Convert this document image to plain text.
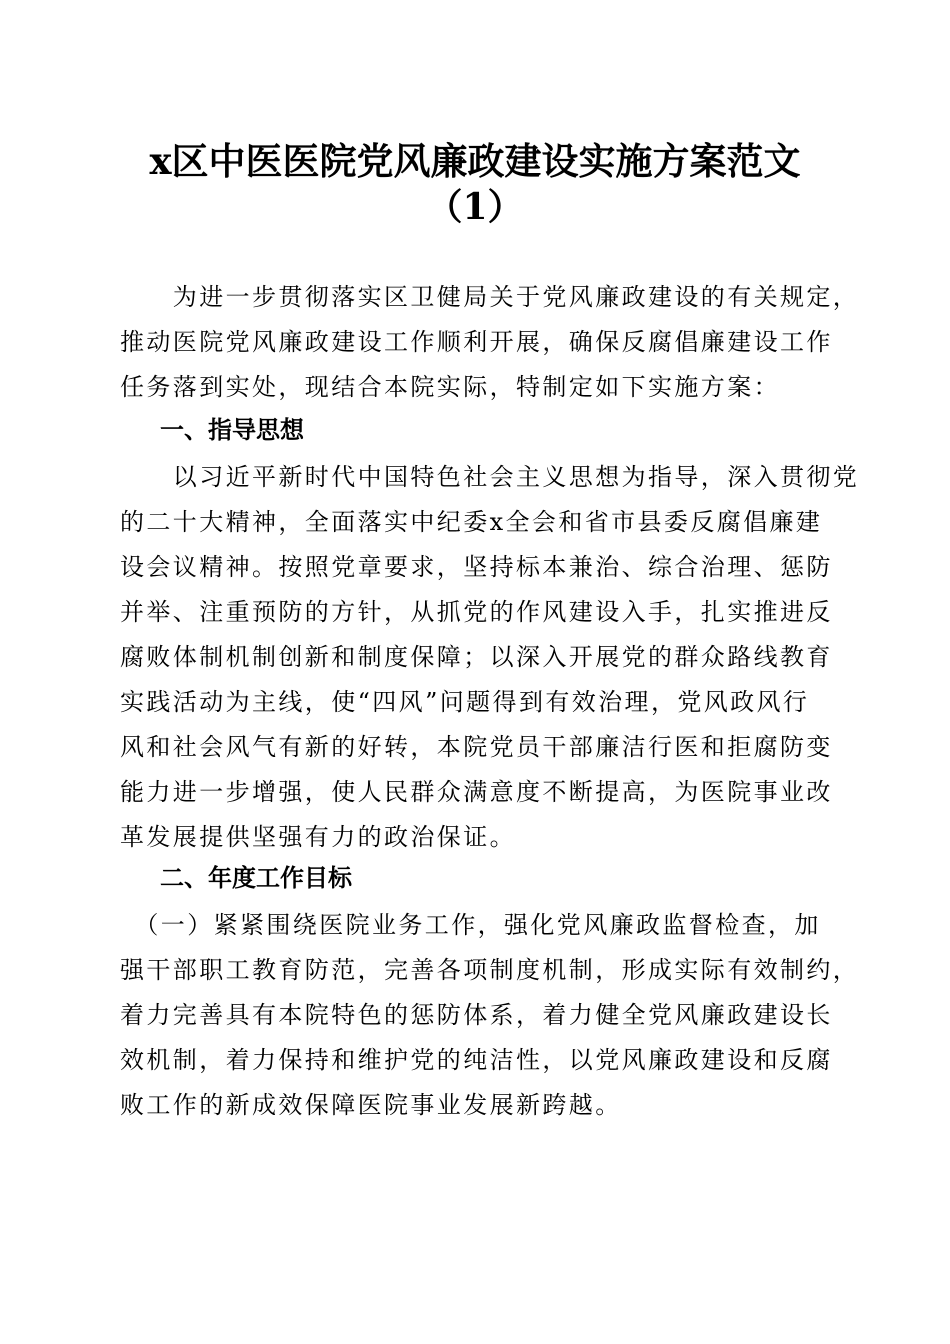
x区中医医院党风廉政建设实施方案范文
（1）
　　为进一步贯彻落实区卫健局关于党风廉政建设的有关规定，
推动医院党风廉政建设工作顺利开展，确保反腐倡廉建设工作
任务落到实处，现结合本院实际，特制定如下实施方案：
一、指导思想
　　以习近平新时代中国特色社会主义思想为指导，深入贯彻党
的二十大精神，全面落实中纪委x全会和省市县委反腐倡廉建
设会议精神。按照党章要求，坚持标本兼治、综合治理、惩防
并举、注重预防的方针，从抓党的作风建设入手，扎实推进反
腐败体制机制创新和制度保障；以深入开展党的群众路线教育
实践活动为主线，使“四风”问题得到有效治理，党风政风行
风和社会风气有新的好转，本院党员干部廉洁行医和拒腐防变
能力进一步增强，使人民群众满意度不断提高，为医院事业改
革发展提供坚强有力的政治保证。
二、年度工作目标
　（一）紧紧围绕医院业务工作，强化党风廉政监督检查，加
强干部职工教育防范，完善各项制度机制，形成实际有效制约，
着力完善具有本院特色的惩防体系，着力健全党风廉政建设长
效机制，着力保持和维护党的纯洁性，以党风廉政建设和反腐
败工作的新成效保障医院事业发展新跨越。
